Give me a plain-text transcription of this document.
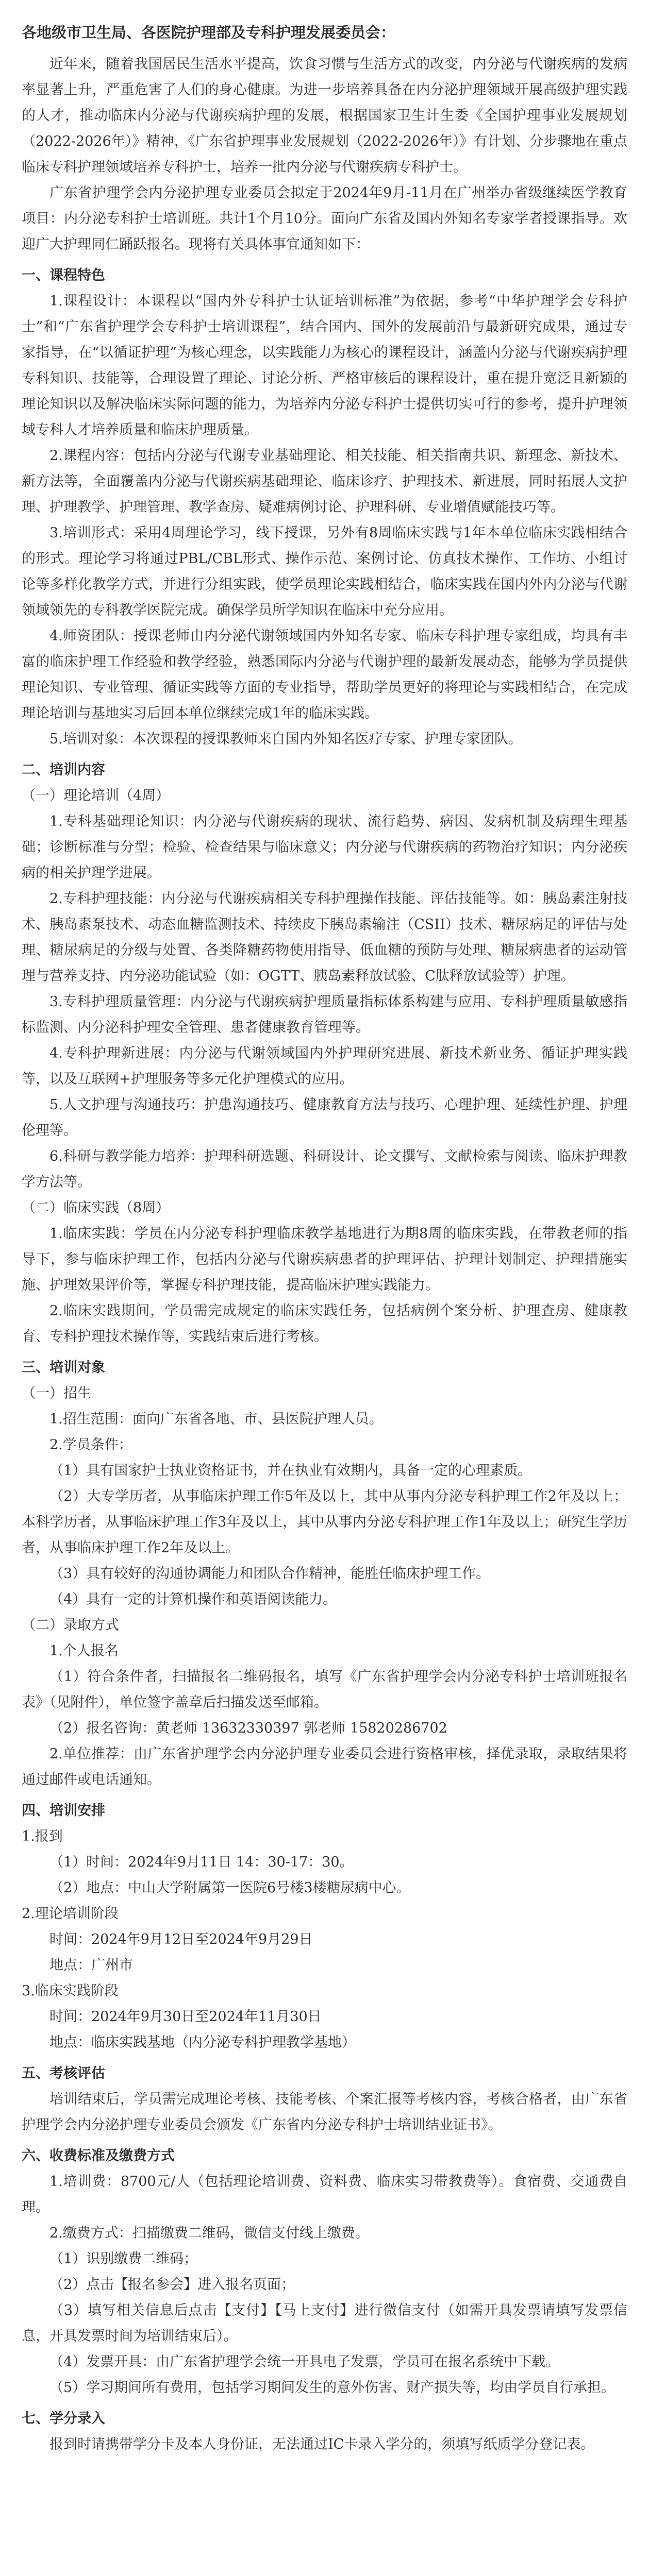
各地级市卫生局、各医院护理部及专科护理发展委员会：

近年来，随着我国居民生活水平提高，饮食习惯与生活方式的改变，内分泌与代谢疾病的发病率显著上升，严重危害了人们的身心健康。为进一步培养具备在内分泌护理领域开展高级护理实践的人才，推动临床内分泌与代谢疾病护理的发展，根据国家卫生计生委《全国护理事业发展规划（2022-2026年）》精神，《广东省护理事业发展规划（2022-2026年）》有计划、分步骤地在重点临床专科护理领域培养专科护士，培养一批内分泌与代谢疾病专科护士。

广东省护理学会内分泌护理专业委员会拟定于2024年9月-11月在广州举办省级继续医学教育项目：内分泌专科护士培训班。共计1个月10分。面向广东省及国内外知名专家学者授课指导。欢迎广大护理同仁踊跃报名。现将有关具体事宜通知如下：

一、课程特色

1.课程设计：本课程以“国内外专科护士认证培训标准”为依据，参考“中华护理学会专科护士”和“广东省护理学会专科护士培训课程”，结合国内、国外的发展前沿与最新研究成果，通过专家指导，在“以循证护理”为核心理念，以实践能力为核心的课程设计，涵盖内分泌与代谢疾病护理专科知识、技能等，合理设置了理论、讨论分析、严格审核后的课程设计，重在提升宽泛且新颖的理论知识以及解决临床实际问题的能力，为培养内分泌专科护士提供切实可行的参考，提升护理领域专科人才培养质量和临床护理质量。

2.课程内容：包括内分泌与代谢专业基础理论、相关技能、相关指南共识、新理念、新技术、新方法等，全面覆盖内分泌与代谢疾病基础理论、临床诊疗、护理技术、新进展，同时拓展人文护理、护理教学、护理管理、教学查房、疑难病例讨论、护理科研、专业增值赋能技巧等。

3.培训形式：采用4周理论学习，线下授课，另外有8周临床实践与1年本单位临床实践相结合的形式。理论学习将通过PBL/CBL形式、操作示范、案例讨论、仿真技术操作、工作坊、小组讨论等多样化教学方式，并进行分组实践，使学员理论实践相结合，临床实践在国内外内分泌与代谢领域领先的专科教学医院完成。确保学员所学知识在临床中充分应用。

4.师资团队：授课老师由内分泌代谢领域国内外知名专家、临床专科护理专家组成，均具有丰富的临床护理工作经验和教学经验，熟悉国际内分泌与代谢护理的最新发展动态，能够为学员提供理论知识、专业管理、循证实践等方面的专业指导，帮助学员更好的将理论与实践相结合，在完成理论培训与基地实习后回本单位继续完成1年的临床实践。

5.培训对象：本次课程的授课教师来自国内外知名医疗专家、护理专家团队。

二、培训内容

（一）理论培训（4周）

1.专科基础理论知识：内分泌与代谢疾病的现状、流行趋势、病因、发病机制及病理生理基础；诊断标准与分型；检验、检查结果与临床意义；内分泌与代谢疾病的药物治疗知识；内分泌疾病的相关护理学进展。

2.专科护理技能：内分泌与代谢疾病相关专科护理操作技能、评估技能等。如：胰岛素注射技术、胰岛素泵技术、动态血糖监测技术、持续皮下胰岛素输注（CSII）技术、糖尿病足的评估与处理、糖尿病足的分级与处置、各类降糖药物使用指导、低血糖的预防与处理、糖尿病患者的运动管理与营养支持、内分泌功能试验（如：OGTT、胰岛素释放试验、C肽释放试验等）护理。

3.专科护理质量管理：内分泌与代谢疾病护理质量指标体系构建与应用、专科护理质量敏感指标监测、内分泌科护理安全管理、患者健康教育管理等。

4.专科护理新进展：内分泌与代谢领域国内外护理研究进展、新技术新业务、循证护理实践等，以及互联网+护理服务等多元化护理模式的应用。

5.人文护理与沟通技巧：护患沟通技巧、健康教育方法与技巧、心理护理、延续性护理、护理伦理等。

6.科研与教学能力培养：护理科研选题、科研设计、论文撰写、文献检索与阅读、临床护理教学方法等。

（二）临床实践（8周）

1.临床实践：学员在内分泌专科护理临床教学基地进行为期8周的临床实践，在带教老师的指导下，参与临床护理工作，包括内分泌与代谢疾病患者的护理评估、护理计划制定、护理措施实施、护理效果评价等，掌握专科护理技能，提高临床护理实践能力。

2.临床实践期间，学员需完成规定的临床实践任务，包括病例个案分析、护理查房、健康教育、专科护理技术操作等，实践结束后进行考核。

三、培训对象

（一）招生

1.招生范围：面向广东省各地、市、县医院护理人员。

2.学员条件：

（1）具有国家护士执业资格证书，并在执业有效期内，具备一定的心理素质。

（2）大专学历者，从事临床护理工作5年及以上，其中从事内分泌专科护理工作2年及以上；本科学历者，从事临床护理工作3年及以上，其中从事内分泌专科护理工作1年及以上；研究生学历者，从事临床护理工作2年及以上。

（3）具有较好的沟通协调能力和团队合作精神，能胜任临床护理工作。

（4）具有一定的计算机操作和英语阅读能力。

（二）录取方式

1.个人报名

（1）符合条件者，扫描报名二维码报名，填写《广东省护理学会内分泌专科护士培训班报名表》（见附件），单位签字盖章后扫描发送至邮箱。

（2）报名咨询：黄老师 13632330397 郭老师 15820286702

2.单位推荐：由广东省护理学会内分泌护理专业委员会进行资格审核，择优录取，录取结果将通过邮件或电话通知。

四、培训安排

1.报到

（1）时间：2024年9月11日 14：30-17：30。

（2）地点：中山大学附属第一医院6号楼3楼糖尿病中心。

2.理论培训阶段

时间：2024年9月12日至2024年9月29日

地点：广州市

3.临床实践阶段

时间：2024年9月30日至2024年11月30日

地点：临床实践基地（内分泌专科护理教学基地）

五、考核评估

培训结束后，学员需完成理论考核、技能考核、个案汇报等考核内容，考核合格者，由广东省护理学会内分泌护理专业委员会颁发《广东省内分泌专科护士培训结业证书》。

六、收费标准及缴费方式

1.培训费：8700元/人（包括理论培训费、资料费、临床实习带教费等）。食宿费、交通费自理。

2.缴费方式：扫描缴费二维码，微信支付线上缴费。

（1）识别缴费二维码；

（2）点击【报名参会】进入报名页面；

（3）填写相关信息后点击【支付】【马上支付】进行微信支付（如需开具发票请填写发票信息，开具发票时间为培训结束后）。

（4）发票开具：由广东省护理学会统一开具电子发票，学员可在报名系统中下载。

（5）学习期间所有费用，包括学习期间发生的意外伤害、财产损失等，均由学员自行承担。

七、学分录入

报到时请携带学分卡及本人身份证，无法通过IC卡录入学分的，须填写纸质学分登记表。
